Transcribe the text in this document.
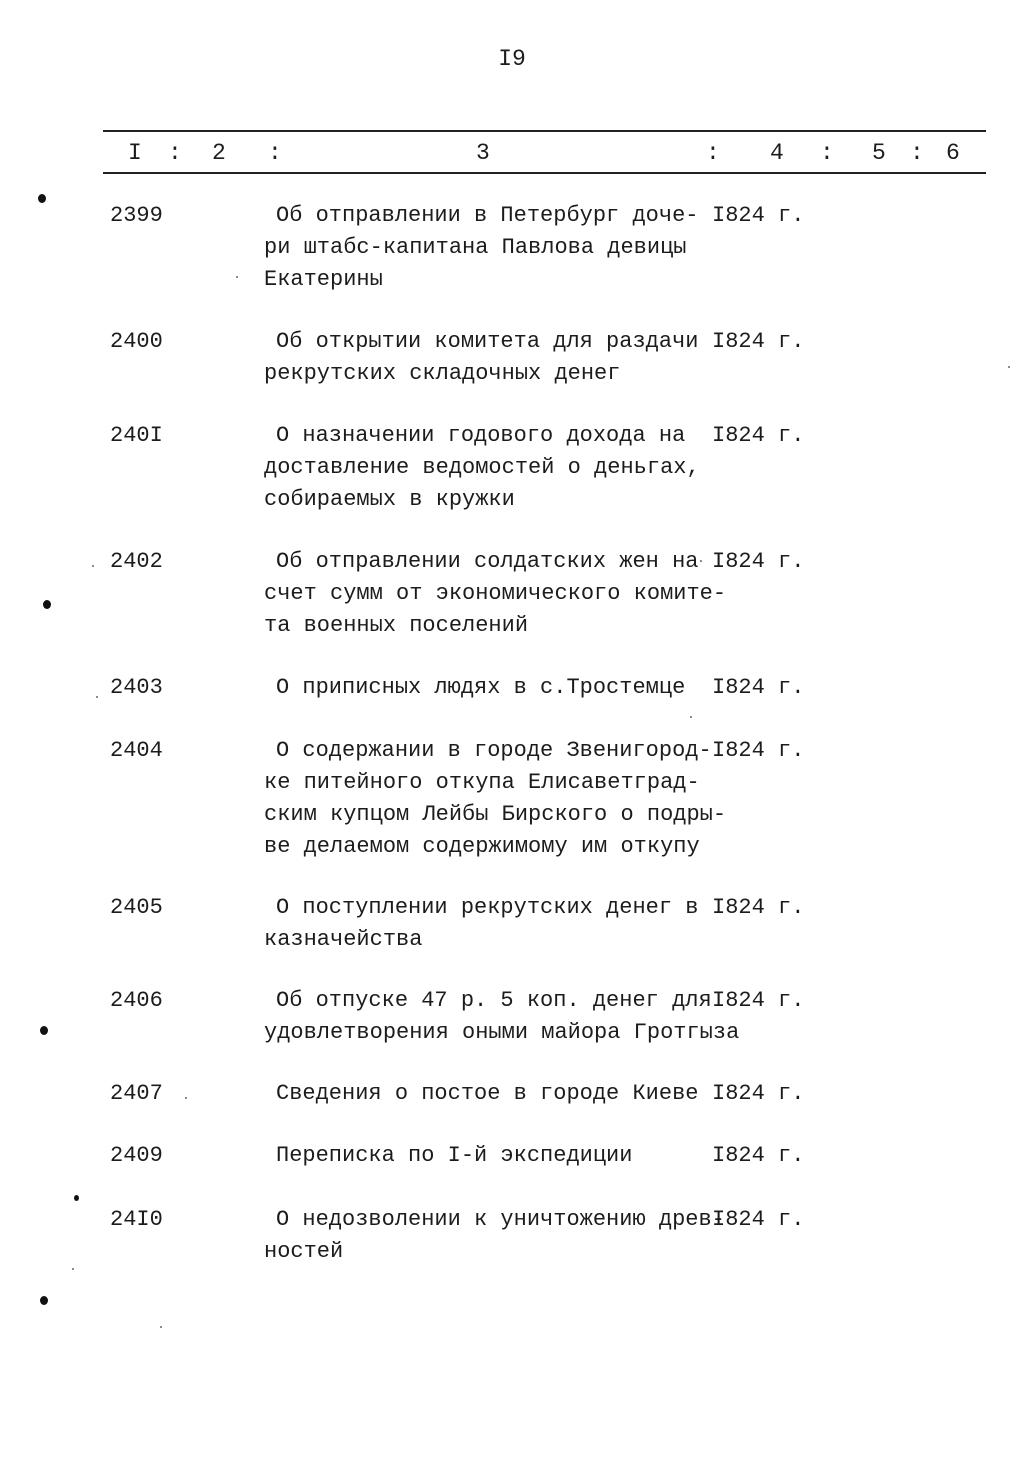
I9
I : 2 :	3	: 4 : 5 : 6
2399	Об отправлении в Петербург доче-
ри штабс-капитана Павлова девицы
Екатерины
I824 г.
2400	Об открытии комитета для раздачи
рекрутских складочных денег
I824 г.
240I	О назначении годового дохода на
доставление ведомостей о деньгах,
собираемых в кружки
I824 г.
2402	Об отправлении солдатских жен на
счет сумм от экономического комите-
та военных поселений
I824 г.
2403	О приписных людях в с.Тростемце	I824 г.
2404	О содержании в городе Звенигород-
ке питейного откупа Елисаветград-
ским купцом Лейбы Бирского о подры-
ве делаемом содержимому им откупу
I824 г.
2405	О поступлении рекрутских денег в
казначейства
I824 г.
2406	Об отпуске 47 р. 5 коп. денег для
удовлетворения оными майора Гротгыза
I824 г.
2407	Сведения о постое в городе Киеве I824 г.
2409	Переписка по I-й экспедиции	I824 г.
24I0	О недозволении к уничтожению древ-
ностей
I824 г.
